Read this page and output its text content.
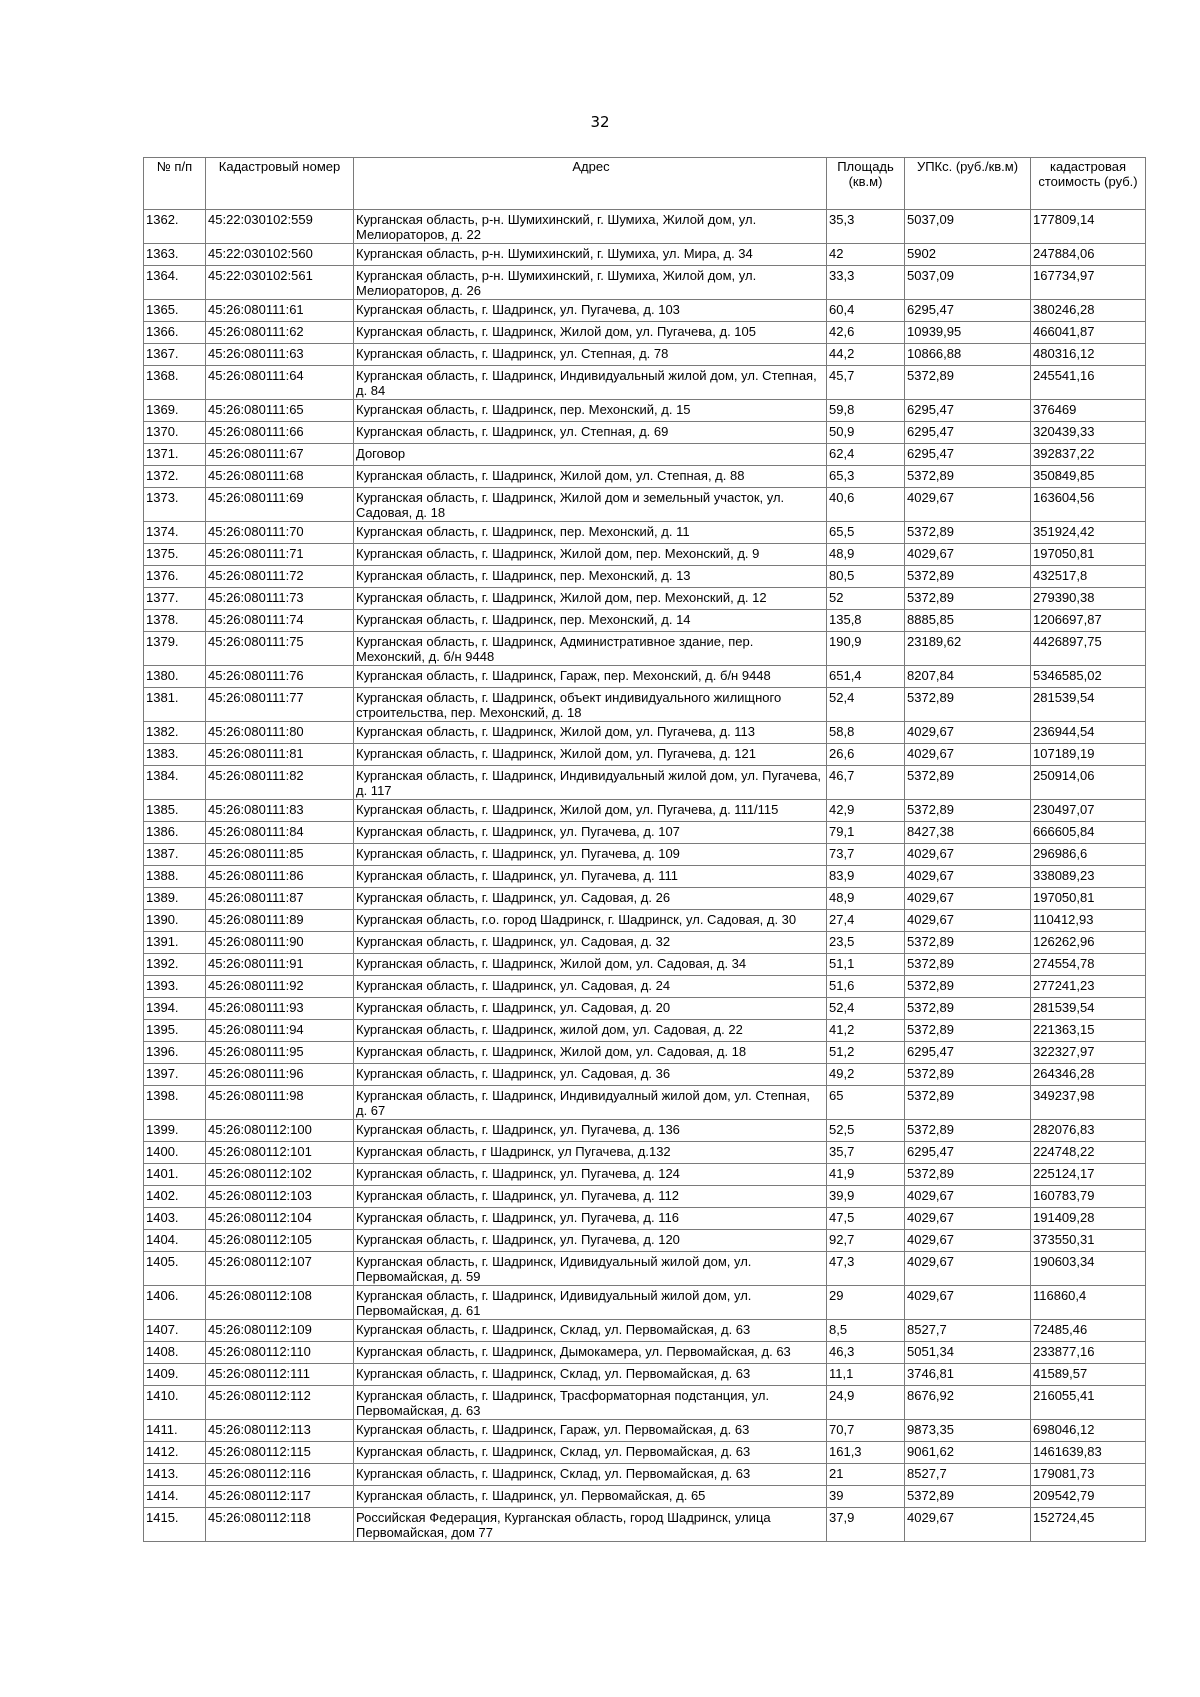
32
№ п/п	Кадастровый номер	Адрес	Площадь (кв.м)	УПКс. (руб./кв.м)	кадастровая стоимость (руб.)
1362.	45:22:030102:559	Курганская область, р-н. Шумихинский, г. Шумиха, Жилой дом, ул. Мелиораторов, д. 22	35,3	5037,09	177809,14
1363.	45:22:030102:560	Курганская область, р-н. Шумихинский, г. Шумиха, ул. Мира, д. 34	42	5902	247884,06
1364.	45:22:030102:561	Курганская область, р-н. Шумихинский, г. Шумиха, Жилой дом, ул. Мелиораторов, д. 26	33,3	5037,09	167734,97
1365.	45:26:080111:61	Курганская область, г. Шадринск, ул. Пугачева, д. 103	60,4	6295,47	380246,28
1366.	45:26:080111:62	Курганская область, г. Шадринск, Жилой дом, ул. Пугачева, д. 105	42,6	10939,95	466041,87
1367.	45:26:080111:63	Курганская область, г. Шадринск, ул. Степная, д. 78	44,2	10866,88	480316,12
1368.	45:26:080111:64	Курганская область, г. Шадринск, Индивидуальный жилой дом, ул. Степная, д. 84	45,7	5372,89	245541,16
1369.	45:26:080111:65	Курганская область, г. Шадринск, пер. Мехонский, д. 15	59,8	6295,47	376469
1370.	45:26:080111:66	Курганская область, г. Шадринск, ул. Степная, д. 69	50,9	6295,47	320439,33
1371.	45:26:080111:67	Договор	62,4	6295,47	392837,22
1372.	45:26:080111:68	Курганская область, г. Шадринск, Жилой дом, ул. Степная, д. 88	65,3	5372,89	350849,85
1373.	45:26:080111:69	Курганская область, г. Шадринск, Жилой дом и земельный участок, ул. Садовая, д. 18	40,6	4029,67	163604,56
1374.	45:26:080111:70	Курганская область, г. Шадринск, пер. Мехонский, д. 11	65,5	5372,89	351924,42
1375.	45:26:080111:71	Курганская область, г. Шадринск, Жилой дом, пер. Мехонский, д. 9	48,9	4029,67	197050,81
1376.	45:26:080111:72	Курганская область, г. Шадринск, пер. Мехонский, д. 13	80,5	5372,89	432517,8
1377.	45:26:080111:73	Курганская область, г. Шадринск, Жилой дом, пер. Мехонский, д. 12	52	5372,89	279390,38
1378.	45:26:080111:74	Курганская область, г. Шадринск, пер. Мехонский, д. 14	135,8	8885,85	1206697,87
1379.	45:26:080111:75	Курганская область, г. Шадринск, Административное здание, пер. Мехонский, д. б/н 9448	190,9	23189,62	4426897,75
1380.	45:26:080111:76	Курганская область, г. Шадринск, Гараж, пер. Мехонский, д. б/н 9448	651,4	8207,84	5346585,02
1381.	45:26:080111:77	Курганская область, г. Шадринск, объект индивидуального жилищного строительства, пер. Мехонский, д. 18	52,4	5372,89	281539,54
1382.	45:26:080111:80	Курганская область, г. Шадринск, Жилой дом, ул. Пугачева, д. 113	58,8	4029,67	236944,54
1383.	45:26:080111:81	Курганская область, г. Шадринск, Жилой дом, ул. Пугачева, д. 121	26,6	4029,67	107189,19
1384.	45:26:080111:82	Курганская область, г. Шадринск, Индивидуальный жилой дом, ул. Пугачева, д. 117	46,7	5372,89	250914,06
1385.	45:26:080111:83	Курганская область, г. Шадринск, Жилой дом, ул. Пугачева, д. 111/115	42,9	5372,89	230497,07
1386.	45:26:080111:84	Курганская область, г. Шадринск, ул. Пугачева, д. 107	79,1	8427,38	666605,84
1387.	45:26:080111:85	Курганская область, г. Шадринск, ул. Пугачева, д. 109	73,7	4029,67	296986,6
1388.	45:26:080111:86	Курганская область, г. Шадринск, ул. Пугачева, д. 111	83,9	4029,67	338089,23
1389.	45:26:080111:87	Курганская область, г. Шадринск, ул. Садовая, д. 26	48,9	4029,67	197050,81
1390.	45:26:080111:89	Курганская область, г.о. город Шадринск, г. Шадринск, ул. Садовая, д. 30	27,4	4029,67	110412,93
1391.	45:26:080111:90	Курганская область, г. Шадринск, ул. Садовая, д. 32	23,5	5372,89	126262,96
1392.	45:26:080111:91	Курганская область, г. Шадринск, Жилой дом, ул. Садовая, д. 34	51,1	5372,89	274554,78
1393.	45:26:080111:92	Курганская область, г. Шадринск, ул. Садовая, д. 24	51,6	5372,89	277241,23
1394.	45:26:080111:93	Курганская область, г. Шадринск, ул. Садовая, д. 20	52,4	5372,89	281539,54
1395.	45:26:080111:94	Курганская область, г. Шадринск, жилой дом, ул. Садовая, д. 22	41,2	5372,89	221363,15
1396.	45:26:080111:95	Курганская область, г. Шадринск, Жилой дом, ул. Садовая, д. 18	51,2	6295,47	322327,97
1397.	45:26:080111:96	Курганская область, г. Шадринск, ул. Садовая, д. 36	49,2	5372,89	264346,28
1398.	45:26:080111:98	Курганская область, г. Шадринск, Индивидуалный жилой дом, ул. Степная, д. 67	65	5372,89	349237,98
1399.	45:26:080112:100	Курганская область, г. Шадринск, ул. Пугачева, д. 136	52,5	5372,89	282076,83
1400.	45:26:080112:101	Курганская область, г Шадринск, ул Пугачева, д.132	35,7	6295,47	224748,22
1401.	45:26:080112:102	Курганская область, г. Шадринск, ул. Пугачева, д. 124	41,9	5372,89	225124,17
1402.	45:26:080112:103	Курганская область, г. Шадринск, ул. Пугачева, д. 112	39,9	4029,67	160783,79
1403.	45:26:080112:104	Курганская область, г. Шадринск, ул. Пугачева, д. 116	47,5	4029,67	191409,28
1404.	45:26:080112:105	Курганская область, г. Шадринск, ул. Пугачева, д. 120	92,7	4029,67	373550,31
1405.	45:26:080112:107	Курганская область, г. Шадринск, Идивидуальный жилой дом, ул. Первомайская, д. 59	47,3	4029,67	190603,34
1406.	45:26:080112:108	Курганская область, г. Шадринск, Идивидуальный жилой дом, ул. Первомайская, д. 61	29	4029,67	116860,4
1407.	45:26:080112:109	Курганская область, г. Шадринск, Склад, ул. Первомайская, д. 63	8,5	8527,7	72485,46
1408.	45:26:080112:110	Курганская область, г. Шадринск, Дымокамера, ул. Первомайская, д. 63	46,3	5051,34	233877,16
1409.	45:26:080112:111	Курганская область, г. Шадринск, Склад, ул. Первомайская, д. 63	11,1	3746,81	41589,57
1410.	45:26:080112:112	Курганская область, г. Шадринск, Трасформаторная подстанция, ул. Первомайская, д. 63	24,9	8676,92	216055,41
1411.	45:26:080112:113	Курганская область, г. Шадринск, Гараж, ул. Первомайская, д. 63	70,7	9873,35	698046,12
1412.	45:26:080112:115	Курганская область, г. Шадринск, Склад, ул. Первомайская, д. 63	161,3	9061,62	1461639,83
1413.	45:26:080112:116	Курганская область, г. Шадринск, Склад, ул. Первомайская, д. 63	21	8527,7	179081,73
1414.	45:26:080112:117	Курганская область, г. Шадринск, ул. Первомайская, д. 65	39	5372,89	209542,79
1415.	45:26:080112:118	Российская Федерация, Курганская область, город Шадринск, улица Первомайская, дом 77	37,9	4029,67	152724,45
